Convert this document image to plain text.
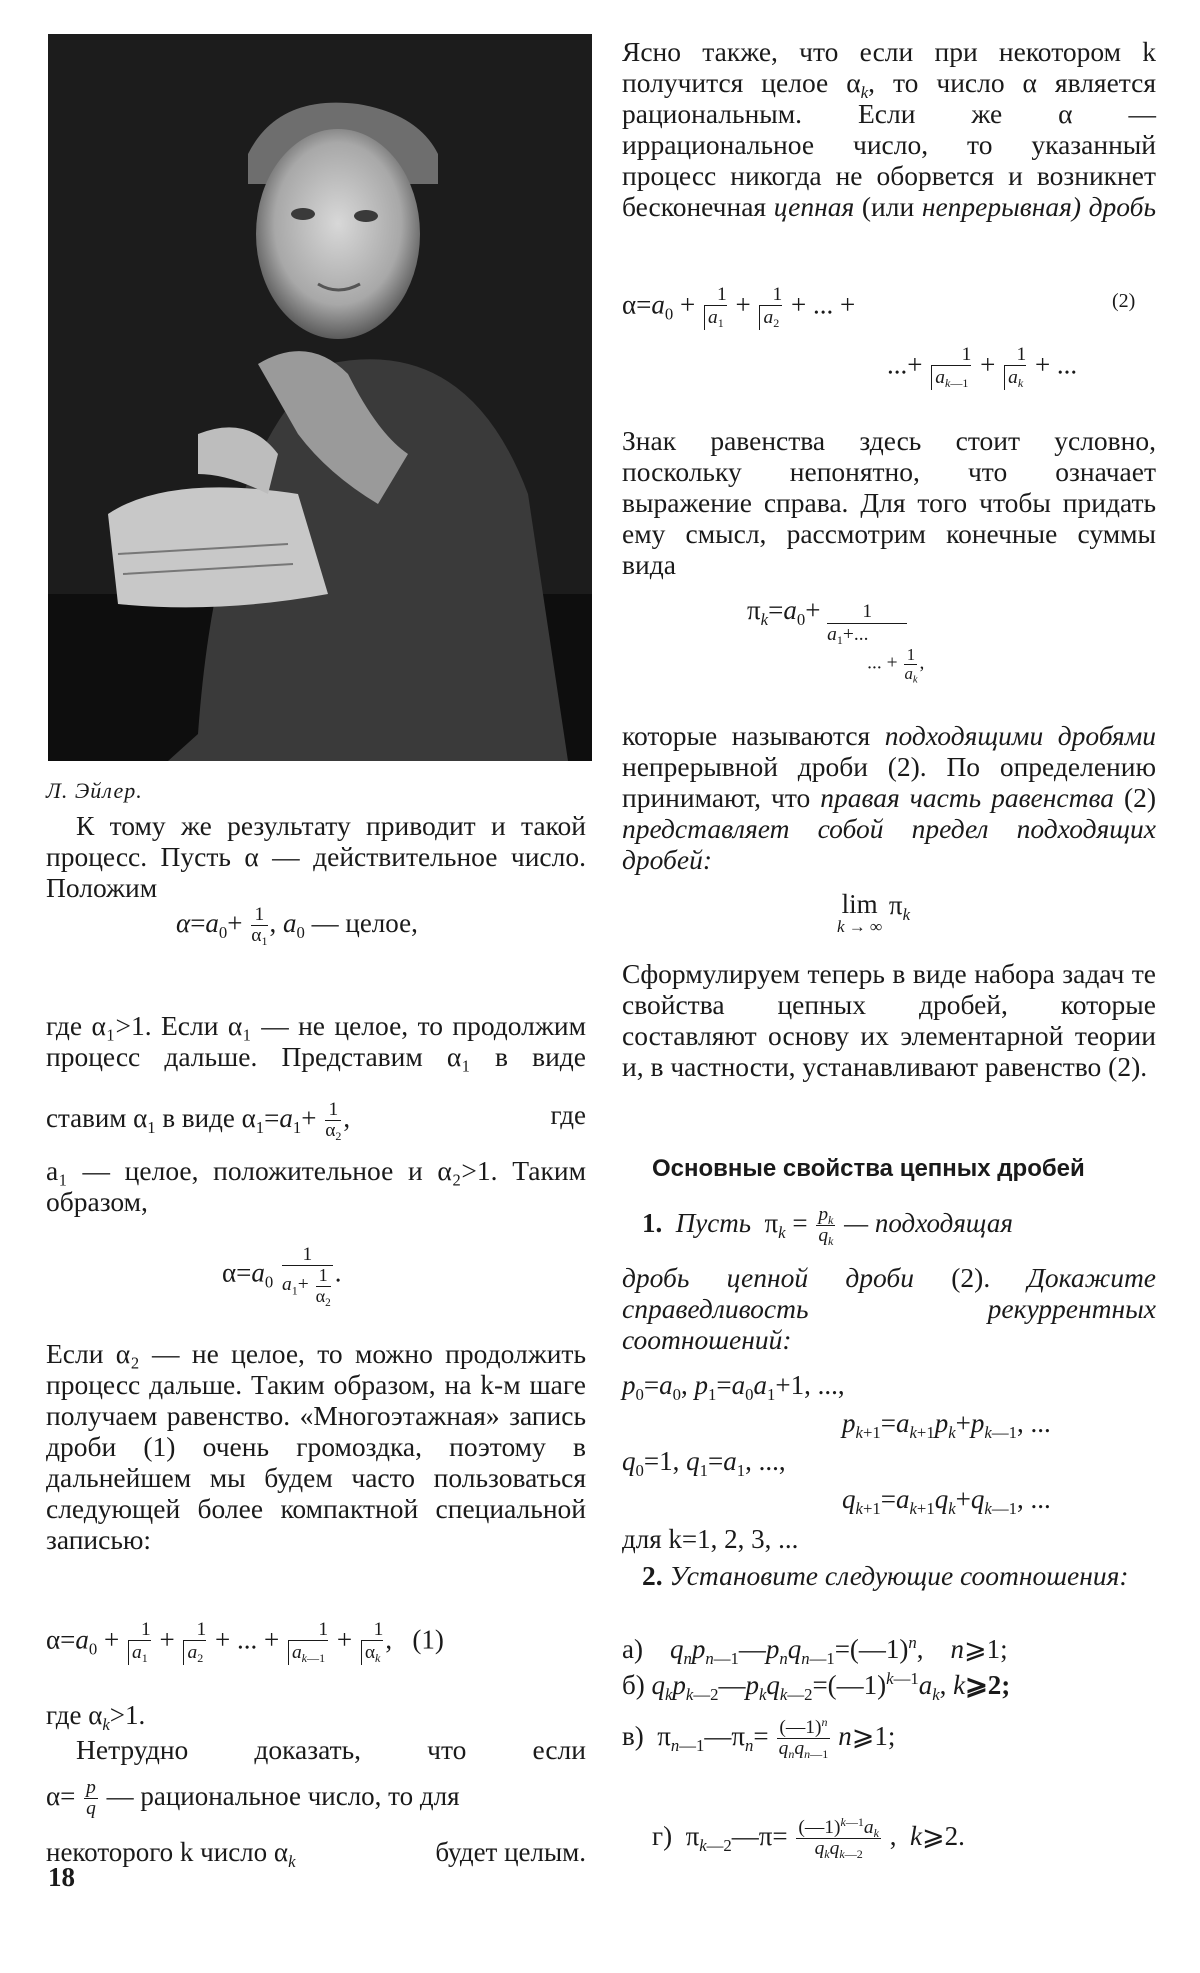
Л. Эйлер.

К тому же результату приводит и такой процесс. Пусть α — действительное число. Положим

$\alpha=a_0+ \frac{1}{\alpha_1}$ , $a_0$ — целое,

где α₁>1. Если α₁ — не целое, то продолжим процесс дальше. Представим α₁ в виде

ставим $\alpha_1$ в виде $\alpha_1=a_1+ \frac{1}{\alpha_2}$ ,	где

a₁ — целое, положительное и α₂>1. Таким образом,

$\alpha=a_0 \frac{1}{a_1+ \frac{1}{\alpha_2}}$ .

Если α₂ — не целое, то можно продолжить процесс дальше. Таким образом, на k-м шаге получаем равенство. «Многоэтажная» запись дроби (1) очень громоздка, поэтому в дальнейшем мы будем часто пользоваться следующей более компактной специальной записью:

$\alpha=a_0 + \frac{1}{a_1} + \frac{1}{a_2}$ + ... + $\frac{1}{a_{k—1}} + \frac{1}{\alpha_k}$ ,   (1)
где $\alpha_k>1$.

Нетрудно доказать, что если

$\alpha= \frac{p}{q}$ — рациональное число, то для
некоторого k число $\alpha_k$	будет целым.
18

Ясно также, что если при некотором k получится целое $\alpha_k$, то число α является рациональным. Если же α — иррациональное число, то указанный процесс никогда не оборвется и возникнет бесконечная цепная (или непрерывная) дробь

$\alpha=a_0 + \frac{1}{a_1} + \frac{1}{a_2}$ + ... +	(2)
...+ $\frac{1}{a_{k—1}} + \frac{1}{a_k}$ + ...

Знак равенства здесь стоит условно, поскольку непонятно, что означает выражение справа. Для того чтобы придать ему смысл, рассмотрим конечные суммы вида

$\pi_k=a_0+$	1
$a_1+$...
... + $\frac{1}{a_k}$ ,

которые называются подходящими дробями непрерывной дроби (2). По определению принимают, что правая часть равенства (2) представляет собой предел подходящих дробей:

lim
k → ∞
$\pi_k$

Сформулируем теперь в виде набора задач те свойства цепных дробей, которые составляют основу их элементарной теории и, в частности, устанавливают равенство (2).

Основные свойства цепных дробей
1. Пусть  $\pi_k = \frac{p_k}{q_k}$ — подходящая

дробь цепной дроби (2). Докажите справедливость рекуррентных соотношений:

$p_0=a_0$, $p_1=a_0a_1+1$, ...,
$p_{k+1}=a_{k+1}p_k+p_{k—1}$, ...
$q_0=1$, $q_1=a_1$, ...,
$q_{k+1}=a_{k+1}q_k+q_{k—1}$, ...
для k=1, 2, 3, ...

2. Установите следующие соотношения:

а) $q_np_{n—1}—p_nq_{n—1}=(—1)^n$,    n⩾1;
б) $q_kp_{k—2}—p_kq_{k—2}=(—1)^{k—1}a_k$, k⩾2;
в)  $\pi_{n—1}—\pi_n= \frac{(—1)^n}{q_nq_{n—1}}$ n⩾1;
г)  $\pi_{k—2}—\pi= \frac{(—1)^{k—1}a_k}{q_kq_{k—2}}$ ,  k⩾2.
